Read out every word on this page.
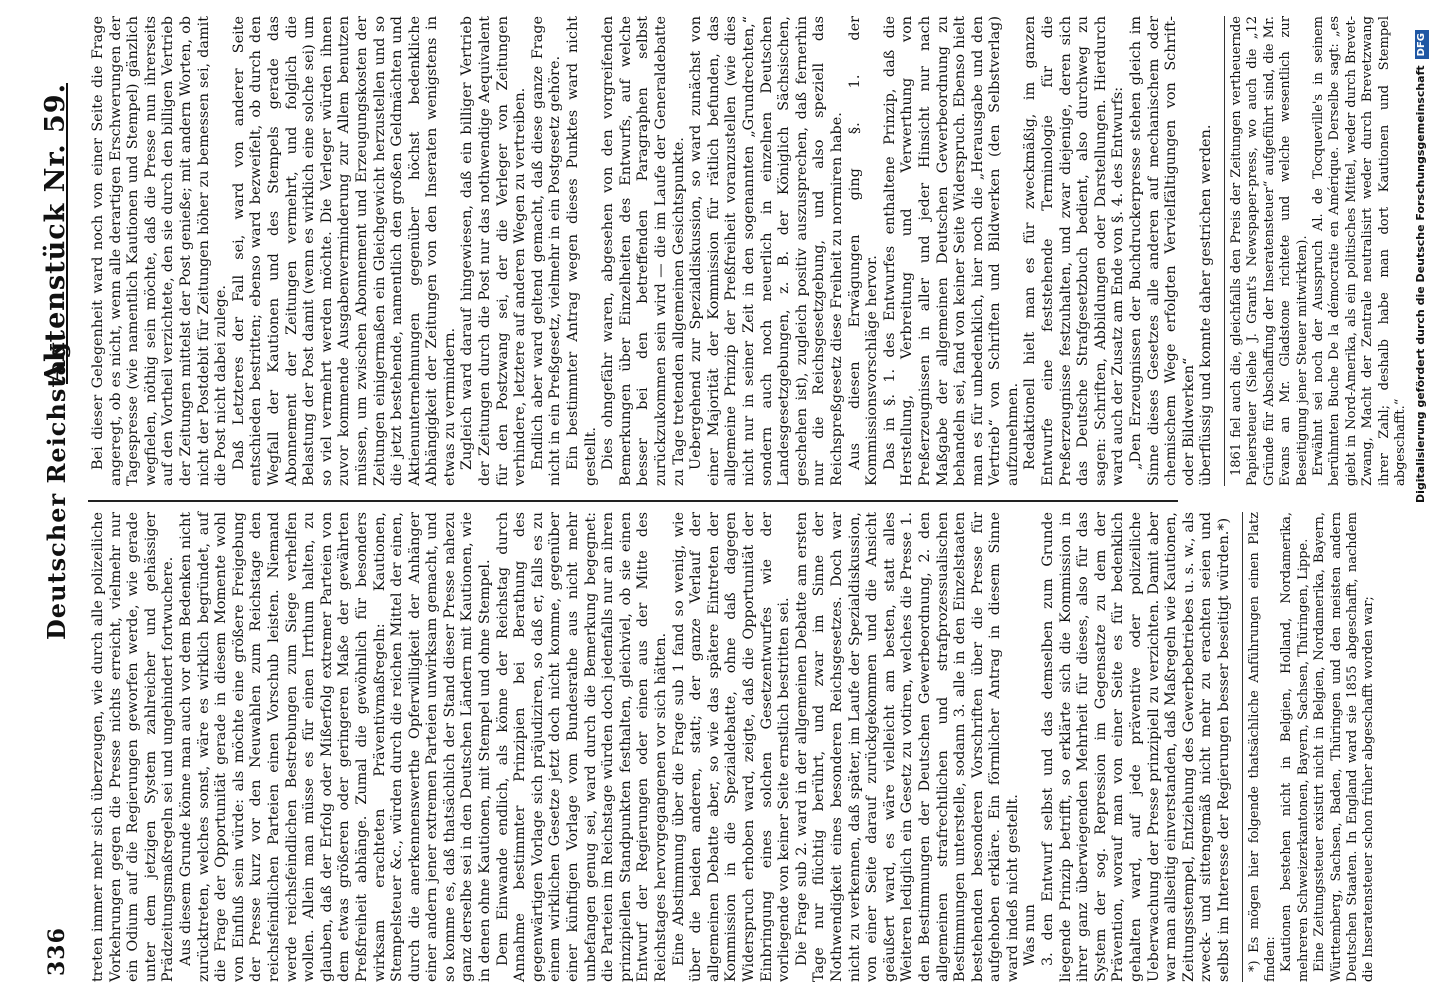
336
Deutscher Reichstag.
Aktenstück Nr. 59.

treten immer mehr sich überzeugen, wie durch alle polizeiliche Vorkehrungen gegen die Presse nichts erreicht, vielmehr nur ein Odium auf die Regierungen geworfen werde, wie gerade unter dem jetzigen System zahlreicher und gehässiger Prädzeitungsmaßregeln sei und ungehindert fortwuchere. Aus diesem Grunde könne man auch vor dem Bedenken nicht zurücktreten, welches sonst, wäre es wirklich begründet, auf die Frage der Opportunität gerade in diesem Momente wohl von Einfluß sein würde: als möchte eine größere Freigebung der Presse kurz vor den Neuwahlen zum Reichstage den reichsfeindlichen Parteien einen Vorschub leisten. Niemand werde reichsfeindlichen Bestrebungen zum Siege verhelfen wollen. Allein man müsse es für einen Irrthum halten, zu glauben, daß der Erfolg oder Mißerfolg extremer Parteien von dem etwas größeren oder geringeren Maße der gewährten Preßfreiheit abhänge. Zumal die gewöhnlich für besonders wirksam erachteten Präventivmaßregeln: Kautionen, Stempelsteuer &c., würden durch die reichen Mittel der einen, durch die anerkennenswerthe Opferwilligkeit der Anhänger einer andern jener extremen Parteien unwirksam gemacht, und so komme es, daß thatsächlich der Stand dieser Presse nahezu ganz derselbe sei in den Deutschen Ländern mit Kautionen, wie in denen ohne Kautionen, mit Stempel und ohne Stempel. Dem Einwande endlich, als könne der Reichstag durch Annahme bestimmter Prinzipien bei Berathung des gegenwärtigen Vorlage sich präjudiziren, so daß er, falls es zu einem wirklichen Gesetze jetzt doch nicht komme, gegenüber einer künftigen Vorlage vom Bundesrathe aus nicht mehr unbefangen genug sei, ward durch die Bemerkung begegnet: die Parteien im Reichstage würden doch jedenfalls nur an ihren prinzipiellen Standpunkten festhalten, gleichviel, ob sie einen Entwurf der Regierungen oder einen aus der Mitte des Reichstages hervorgegangenen vor sich hätten. Eine Abstimmung über die Frage sub 1 fand so wenig, wie über die beiden anderen, statt; der ganze Verlauf der allgemeinen Debatte aber, so wie das spätere Eintreten der Kommission in die Spezialdebatte, ohne daß dagegen Widerspruch erhoben ward, zeigte, daß die Opportunität der Einbringung eines solchen Gesetzentwurfes wie der vorliegende von keiner Seite ernstlich bestritten sei. Die Frage sub 2. ward in der allgemeinen Debatte am ersten Tage nur flüchtig berührt, und zwar im Sinne der Nothwendigkeit eines besonderen Reichsgesetzes. Doch war nicht zu verkennen, daß später, im Laufe der Spezialdiskussion, von einer Seite darauf zurückgekommen und die Ansicht geäußert ward, es wäre vielleicht am besten, statt alles Weiteren lediglich ein Gesetz zu votiren, welches die Presse 1. den Bestimmungen der Deutschen Gewerbeordnung, 2. den allgemeinen strafrechtlichen und strafprozessualischen Bestimmungen unterstelle, sodann 3. alle in den Einzelstaaten bestehenden besonderen Vorschriften über die Presse für aufgehoben erkläre. Ein förmlicher Antrag in diesem Sinne ward indeß nicht gestellt. Was nun 3. den Entwurf selbst und das demselben zum Grunde liegende Prinzip betrifft, so erklärte sich die Kommission in ihrer ganz überwiegenden Mehrheit für dieses, also für das System der sog. Repression im Gegensatze zu dem der Prävention, worauf man von einer Seite es für bedenklich gehalten ward, auf jede präventive oder polizeiliche Ueberwachung der Presse prinzipiell zu verzichten. Damit aber war man allseitig einverstanden, daß Maßregeln wie Kautionen, Zeitungsstempel, Entziehung des Gewerbebetriebes u. s. w., als zweck- und sittengemäß nicht mehr zu erachten seien und selbst im Interesse der Regierungen besser beseitigt würden.*) *) Es mögen hier folgende thatsächliche Anführungen einen Platz finden: Kautionen bestehen nicht in Belgien, Holland, Nordamerika, mehreren Schweizerkantonen, Bayern, Sachsen, Thüringen, Lippe. Eine Zeitungssteuer existirt nicht in Belgien, Nordamerika, Bayern, Württemberg, Sachsen, Baden, Thüringen und den meisten andern Deutschen Staaten. In England ward sie 1855 abgeschafft, nachdem die Inseratensteuer schon früher abgeschafft worden war;

Bei dieser Gelegenheit ward noch von einer Seite die Frage angeregt, ob es nicht, wenn alle derartigen Erschwerungen der Tagespresse (wie namentlich Kautionen und Stempel) gänzlich wegfielen, nöthig sein möchte, daß die Presse nun ihrerseits auf den Vortheil verzichtete, den sie durch den billigen Vertrieb der Zeitungen mittelst der Post genieße; mit andern Worten, ob nicht der Postdebit für Zeitungen höher zu bemessen sei, damit die Post nicht dabei zulege. Daß Letzteres der Fall sei, ward von anderer Seite entschieden bestritten; ebenso ward bezweifelt, ob durch den Wegfall der Kautionen und des Stempels gerade das Abonnement der Zeitungen vermehrt, und folglich die Belastung der Post damit (wenn es wirklich eine solche sei) um so viel vermehrt werden möchte. Die Verleger würden ihnen zuvor kommende Ausgabenverminderung zur Allem benutzen müssen, um zwischen Abonnement und Erzeugungskosten der Zeitungen einigermaßen ein Gleichgewicht herzustellen und so die jetzt bestehende, namentlich den großen Geldmächten und Aktienunternehmungen gegenüber höchst bedenkliche Abhängigkeit der Zeitungen von den Inseraten wenigstens in etwas zu vermindern. Zugleich ward darauf hingewiesen, daß ein billiger Vertrieb der Zeitungen durch die Post nur das nothwendige Aequivalent für den Postzwang sei, der die Verleger von Zeitungen verhindere, letztere auf anderen Wegen zu vertreiben. Endlich aber ward geltend gemacht, daß diese ganze Frage nicht in ein Preßgesetz, vielmehr in ein Postgesetz gehöre. Ein bestimmter Antrag wegen dieses Punktes ward nicht gestellt. Dies ohngefähr waren, abgesehen von den vorgreifenden Bemerkungen über Einzelheiten des Entwurfs, auf welche besser bei den betreffenden Paragraphen selbst zurückzukommen sein wird — die im Laufe der Generaldebatte zu Tage tretenden allgemeinen Gesichtspunkte. Uebergehend zur Spezialdiskussion, so ward zunächst von einer Majorität der Kommission für rätlich befunden, das allgemeine Prinzip der Preßfreiheit voranzustellen (wie dies nicht nur in seiner Zeit in den sogenannten „Grundrechten,“ sondern auch noch neuerlich in einzelnen Deutschen Landesgesetzgebungen, z. B. der Königlich Sächsischen, geschehen ist), zugleich positiv auszusprechen, daß fernerhin nur die Reichsgesetzgebung, und also speziell das Reichspreßgesetz diese Freiheit zu normiren habe. Aus diesen Erwägungen ging §. 1. der Kommissionsvorschläge hervor. Das in §. 1. des Entwurfes enthaltene Prinzip, daß die Herstellung, Verbreitung und Verwerthung von Preßerzeugnissen in aller und jeder Hinsicht nur nach Maßgabe der allgemeinen Deutschen Gewerbeordnung zu behandeln sei, fand von keiner Seite Widerspruch. Ebenso hielt man es für unbedenklich, hier noch die „Herausgabe und den Vertrieb“ von Schriften und Bildwerken (den Selbstverlag) aufzunehmen. Redaktionell hielt man es für zweckmäßig, im ganzen Entwurfe eine feststehende Terminologie für die Preßerzeugnisse festzuhalten, und zwar diejenige, deren sich das Deutsche Strafgesetzbuch bedient, also durchweg zu sagen: Schriften, Abbildungen oder Darstellungen. Hierdurch ward auch der Zusatz am Ende von §. 4. des Entwurfs: „Den Erzeugnissen der Buchdruckerpresse stehen gleich im Sinne dieses Gesetzes alle anderen auf mechanischem oder chemischem Wege erfolgten Vervielfältigungen von Schrift- oder Bildwerken“ überflüssig und konnte daher gestrichen werden. 1861 fiel auch die, gleichfalls den Preis der Zeitungen vertheuernde Papiersteuer (Siehe J. Grant's Newspaper-press, wo auch die „12 Gründe für Abschaffung der Inseratensteuer“ aufgeführt sind, die Mr. Evans an Mr. Gladstone richtete und welche wesentlich zur Beseitigung jener Steuer mitwirkten). Erwähnt sei noch der Ausspruch Al. de Tocqueville's in seinem berühmten Buche De la démocratie en Amérique. Derselbe sagt: „es giebt in Nord-Amerika, als ein politisches Mittel, weder durch Brevet-Zwang, Macht der Zentrale neutralisirt weder durch Brevetzwang ihrer Zahl; deshalb habe man dort Kautionen und Stempel abgeschafft.“ Digitalisierung gefördert durch die Deutsche ForschungsgemeinschaftDFG
